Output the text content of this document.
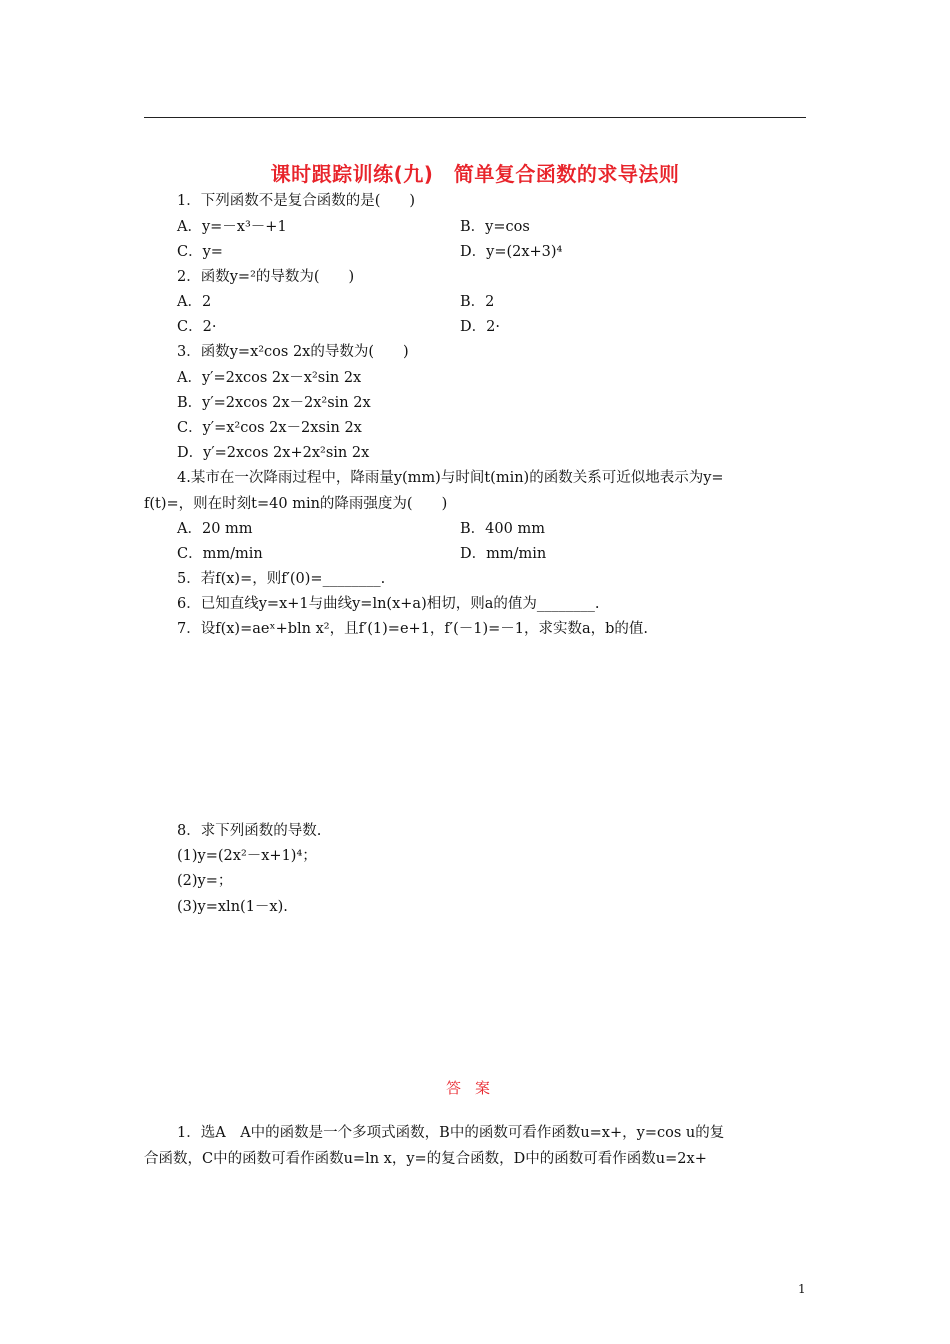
课时跟踪训练(九)　简单复合函数的求导法则
1．下列函数不是复合函数的是(　　)
A．y=－x³－+1	B．y=cos
C．y=	D．y=(2x+3)⁴
2．函数y=²的导数为(　　)
A．2	B．2
C．2·	D．2·
3．函数y=x²cos 2x的导数为(　　)
A．y′=2xcos 2x－x²sin 2x
B．y′=2xcos 2x－2x²sin 2x
C．y′=x²cos 2x－2xsin 2x
D．y′=2xcos 2x+2x²sin 2x
4.某市在一次降雨过程中，降雨量y(mm)与时间t(min)的函数关系可近似地表示为y=
f(t)=，则在时刻t=40 min的降雨强度为(　　)
A．20 mm	B．400 mm
C．mm/min	D．mm/min
5．若f(x)=，则f′(0)=________.
6．已知直线y=x+1与曲线y=ln(x+a)相切，则a的值为________.
7．设f(x)=aeˣ+bln x²，且f′(1)=e+1，f′(－1)=－1，求实数a，b的值.
8．求下列函数的导数.
(1)y=(2x²－x+1)⁴；
(2)y=；
(3)y=xln(1－x).
答案
1．选A　A中的函数是一个多项式函数，B中的函数可看作函数u=x+，y=cos u的复
合函数，C中的函数可看作函数u=ln x，y=的复合函数，D中的函数可看作函数u=2x+
1
